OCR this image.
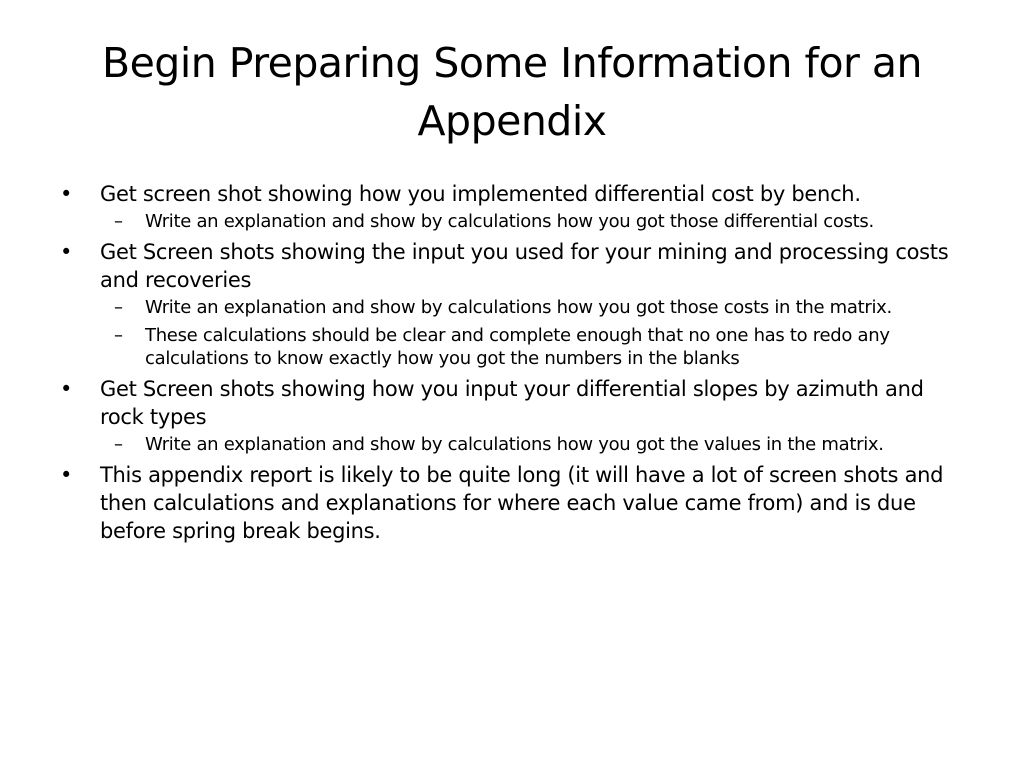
Begin Preparing Some Information for an Appendix
• Get screen shot showing how you implemented differential cost by bench.
– Write an explanation and show by calculations how you got those differential costs.
• Get Screen shots showing the input you used for your mining and processing costs and recoveries
– Write an explanation and show by calculations how you got those costs in the matrix.
– These calculations should be clear and complete enough that no one has to redo any calculations to know exactly how you got the numbers in the blanks
• Get Screen shots showing how you input your differential slopes by azimuth and rock types
– Write an explanation and show by calculations how you got the values in the matrix.
• This appendix report is likely to be quite long (it will have a lot of screen shots and then calculations and explanations for where each value came from) and is due before spring break begins.
